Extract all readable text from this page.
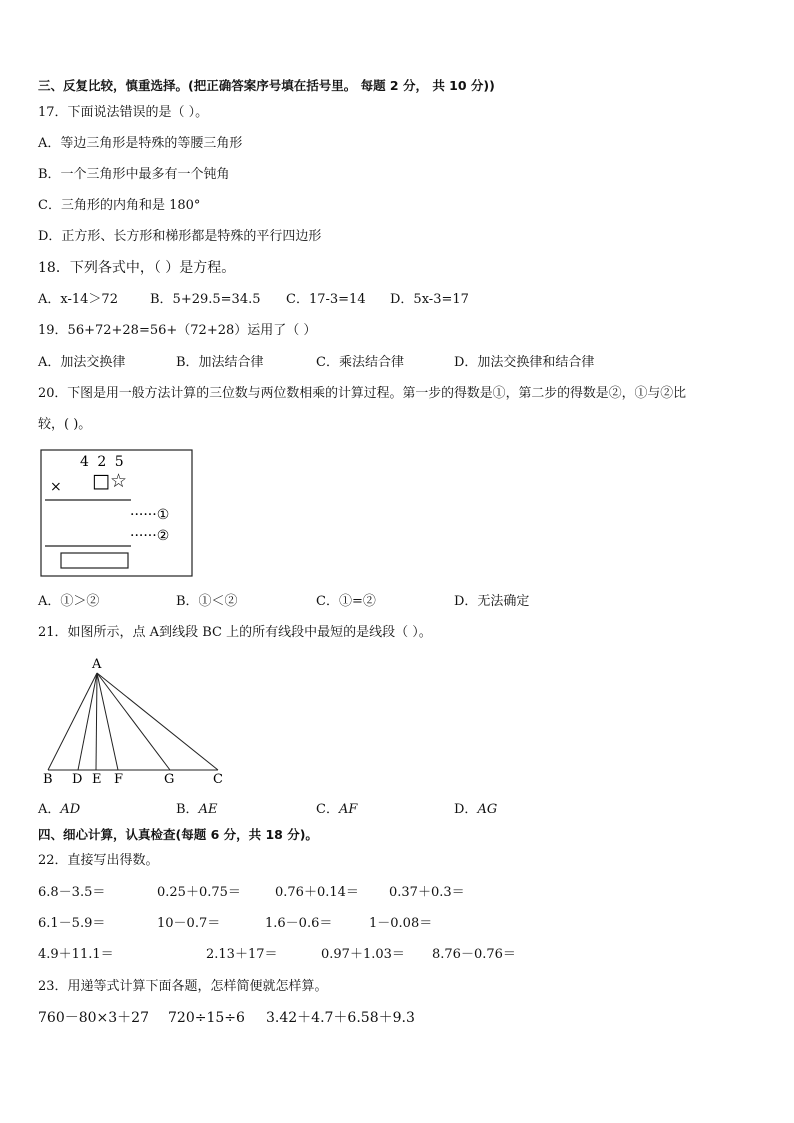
三、反复比较，慎重选择。(把正确答案序号填在括号里。 每题 2 分， 共 10 分))
17．下面说法错误的是（ ）。
A．等边三角形是特殊的等腰三角形
B．一个三角形中最多有一个钝角
C．三角形的内角和是 180°
D．正方形、长方形和梯形都是特殊的平行四边形
18．下列各式中，（ ）是方程。
A．x-14＞72 B．5+29.5=34.5 C．17-3=14 D．5x-3=17
19．56+72+28=56+（72+28）运用了（ ）
A．加法交换律	B．加法结合律	C．乘法结合律	D．加法交换律和结合律
20．下图是用一般方法计算的三位数与两位数相乘的计算过程。第一步的得数是①，第二步的得数是②，①与②比
较，( )。
4 2 5
× □☆
······①
······②
A．①＞②	B．①＜②	C．①=②	D．无法确定
21．如图所示，点 A到线段 BC 上的所有线段中最短的是线段（ ）。
A
B D E F	G	C
A．AD	B．AE	C．AF	D．AG
四、细心计算，认真检查(每题 6 分，共 18 分)。
22．直接写出得数。
6.8－3.5＝	0.25＋0.75＝	0.76＋0.14＝ 0.37＋0.3＝
6.1－5.9＝	10－0.7＝	1.6－0.6＝	1－0.08＝
4.9＋11.1＝	2.13＋17＝	0.97＋1.03＝ 8.76－0.76＝
23．用递等式计算下面各题，怎样简便就怎样算。
760－80×3＋27 720÷15÷6 3.42＋4.7＋6.58＋9.3
